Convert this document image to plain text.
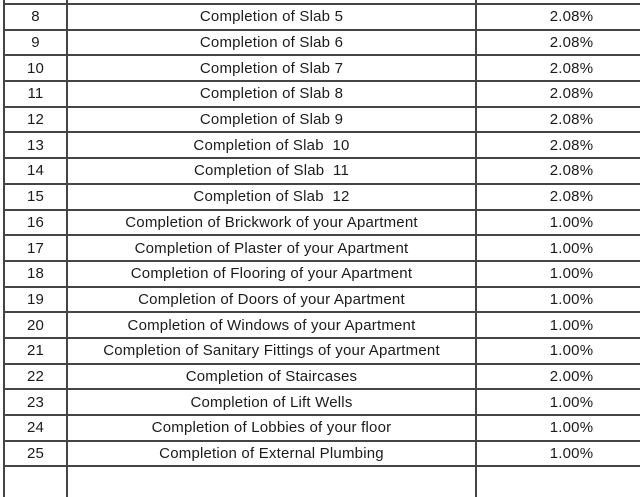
8	Completion of Slab 5	2.08%
9	Completion of Slab 6	2.08%
10	Completion of Slab 7	2.08%
11	Completion of Slab 8	2.08%
12	Completion of Slab 9	2.08%
13	Completion of Slab  10	2.08%
14	Completion of Slab  11	2.08%
15	Completion of Slab  12	2.08%
16	Completion of Brickwork of your Apartment	1.00%
17	Completion of Plaster of your Apartment	1.00%
18	Completion of Flooring of your Apartment	1.00%
19	Completion of Doors of your Apartment	1.00%
20	Completion of Windows of your Apartment	1.00%
21	Completion of Sanitary Fittings of your Apartment	1.00%
22	Completion of Staircases	2.00%
23	Completion of Lift Wells	1.00%
24	Completion of Lobbies of your floor	1.00%
25	Completion of External Plumbing	1.00%
